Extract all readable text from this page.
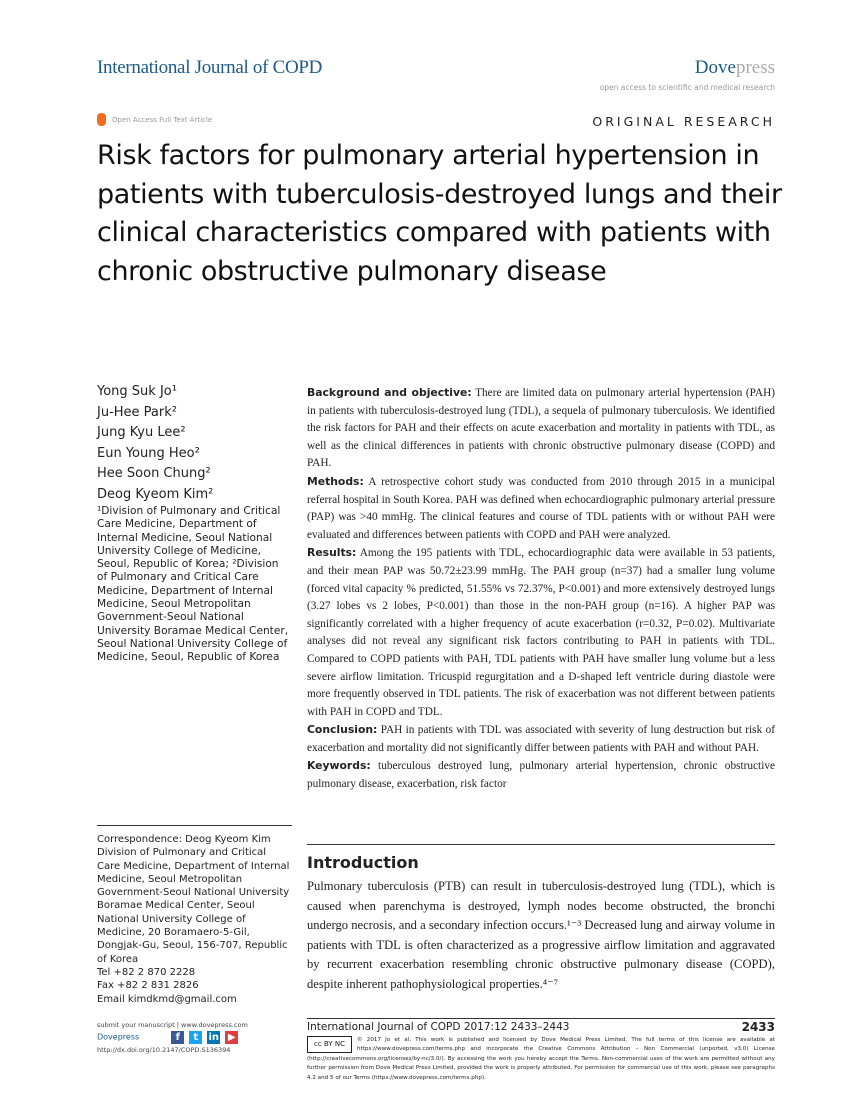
International Journal of COPD	Dovepress
open access to scientific and medical research
Open Access Full Text Article	ORIGINAL RESEARCH
Risk factors for pulmonary arterial hypertension in patients with tuberculosis-destroyed lungs and their clinical characteristics compared with patients with chronic obstructive pulmonary disease
Yong Suk Jo¹
Ju-Hee Park²
Jung Kyu Lee²
Eun Young Heo²
Hee Soon Chung²
Deog Kyeom Kim²
¹Division of Pulmonary and Critical Care Medicine, Department of Internal Medicine, Seoul National University College of Medicine, Seoul, Republic of Korea; ²Division of Pulmonary and Critical Care Medicine, Department of Internal Medicine, Seoul Metropolitan Government-Seoul National University Boramae Medical Center, Seoul National University College of Medicine, Seoul, Republic of Korea
Correspondence: Deog Kyeom Kim
Division of Pulmonary and Critical Care Medicine, Department of Internal Medicine, Seoul Metropolitan Government-Seoul National University Boramae Medical Center, Seoul National University College of Medicine, 20 Boramaero-5-Gil, Dongjak-Gu, Seoul, 156-707, Republic of Korea
Tel +82 2 870 2228
Fax +82 2 831 2826
Email kimdkmd@gmail.com
Background and objective: There are limited data on pulmonary arterial hypertension (PAH) in patients with tuberculosis-destroyed lung (TDL), a sequela of pulmonary tuberculosis. We identified the risk factors for PAH and their effects on acute exacerbation and mortality in patients with TDL, as well as the clinical differences in patients with chronic obstructive pulmonary disease (COPD) and PAH.
Methods: A retrospective cohort study was conducted from 2010 through 2015 in a municipal referral hospital in South Korea. PAH was defined when echocardiographic pulmonary arterial pressure (PAP) was >40 mmHg. The clinical features and course of TDL patients with or without PAH were evaluated and differences between patients with COPD and PAH were analyzed.
Results: Among the 195 patients with TDL, echocardiographic data were available in 53 patients, and their mean PAP was 50.72±23.99 mmHg. The PAH group (n=37) had a smaller lung volume (forced vital capacity % predicted, 51.55% vs 72.37%, P<0.001) and more extensively destroyed lungs (3.27 lobes vs 2 lobes, P<0.001) than those in the non-PAH group (n=16). A higher PAP was significantly correlated with a higher frequency of acute exacerbation (r=0.32, P=0.02). Multivariate analyses did not reveal any significant risk factors contributing to PAH in patients with TDL. Compared to COPD patients with PAH, TDL patients with PAH have smaller lung volume but a less severe airflow limitation. Tricuspid regurgitation and a D-shaped left ventricle during diastole were more frequently observed in TDL patients. The risk of exacerbation was not different between patients with PAH in COPD and TDL.
Conclusion: PAH in patients with TDL was associated with severity of lung destruction but risk of exacerbation and mortality did not significantly differ between patients with PAH and without PAH.
Keywords: tuberculous destroyed lung, pulmonary arterial hypertension, chronic obstructive pulmonary disease, exacerbation, risk factor
Introduction
Pulmonary tuberculosis (PTB) can result in tuberculosis-destroyed lung (TDL), which is caused when parenchyma is destroyed, lymph nodes become obstructed, the bronchi undergo necrosis, and a secondary infection occurs.¹⁻³ Decreased lung and airway volume in patients with TDL is often characterized as a progressive airflow limitation and aggravated by recurrent exacerbation resembling chronic obstructive pulmonary disease (COPD), despite inherent pathophysiological properties.⁴⁻⁷
submit your manuscript | www.dovepress.com
Dovepress	f t in ▶
http://dx.doi.org/10.2147/COPD.S136394
International Journal of COPD 2017:12 2433–2443	2433
cc BY NC	© 2017 Jo et al. This work is published and licensed by Dove Medical Press Limited. The full terms of this license are available at https://www.dovepress.com/terms.php and incorporate the Creative Commons Attribution – Non Commercial (unported, v3.0) License (http://creativecommons.org/licenses/by-nc/3.0/). By accessing the work you hereby accept the Terms. Non-commercial uses of the work are permitted without any further permission from Dove Medical Press Limited, provided the work is properly attributed. For permission for commercial use of this work, please see paragraphs 4.2 and 5 of our Terms (https://www.dovepress.com/terms.php).
